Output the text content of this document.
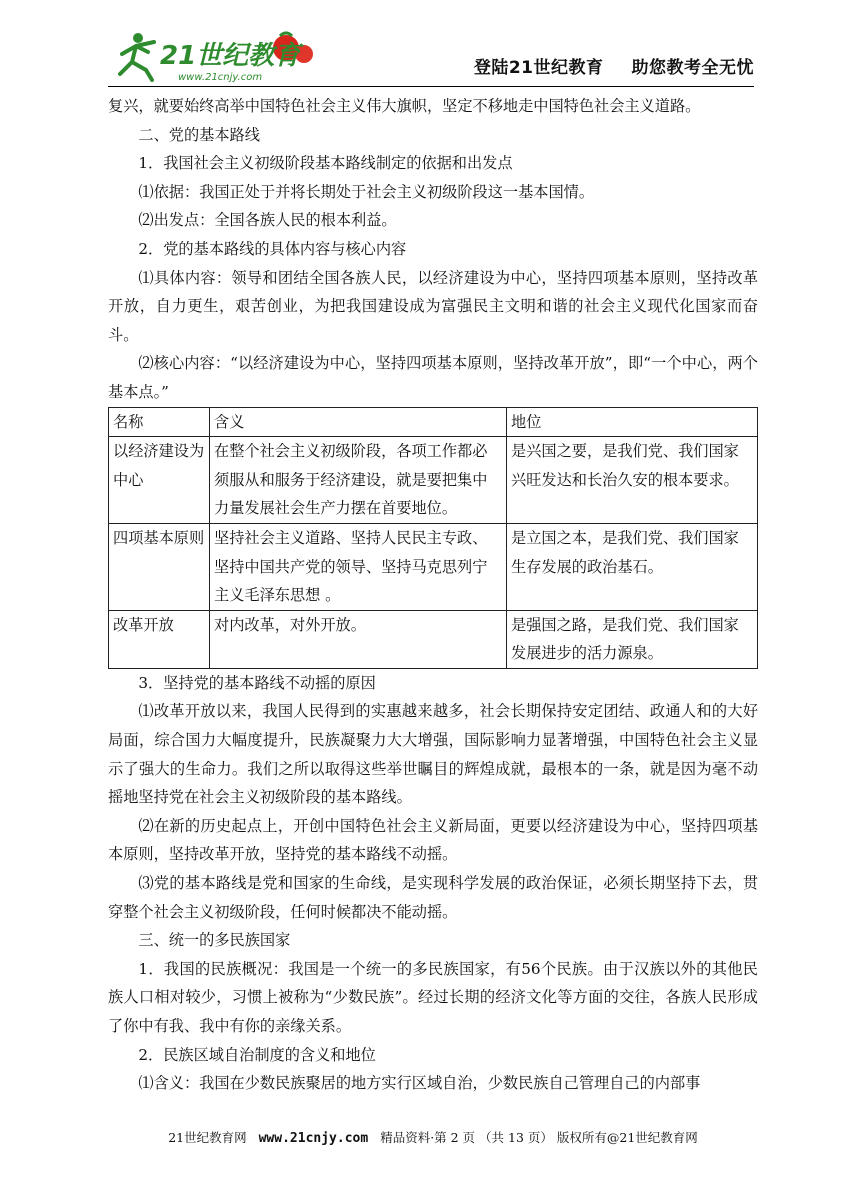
21世纪教育
www.21cnjy.com	登陆21世纪教育 助您教考全无忧

复兴，就要始终高举中国特色社会主义伟大旗帜，坚定不移地走中国特色社会主义道路。

二、党的基本路线

1．我国社会主义初级阶段基本路线制定的依据和出发点

⑴依据：我国正处于并将长期处于社会主义初级阶段这一基本国情。

⑵出发点：全国各族人民的根本利益。

2．党的基本路线的具体内容与核心内容

⑴具体内容：领导和团结全国各族人民，以经济建设为中心，坚持四项基本原则，坚持改革开放，自力更生，艰苦创业，为把我国建设成为富强民主文明和谐的社会主义现代化国家而奋斗。

⑵核心内容：“以经济建设为中心，坚持四项基本原则，坚持改革开放”，即“一个中心，两个基本点。”

名称	含义	地位
以经济建设为中心	在整个社会主义初级阶段，各项工作都必须服从和服务于经济建设，就是要把集中力量发展社会生产力摆在首要地位。	是兴国之要，是我们党、我们国家兴旺发达和长治久安的根本要求。
四项基本原则	坚持社会主义道路、坚持人民民主专政、坚持中国共产党的领导、坚持马克思列宁主义毛泽东思想 。	是立国之本，是我们党、我们国家生存发展的政治基石。
改革开放	对内改革，对外开放。	是强国之路，是我们党、我们国家发展进步的活力源泉。

3．坚持党的基本路线不动摇的原因

⑴改革开放以来，我国人民得到的实惠越来越多，社会长期保持安定团结、政通人和的大好局面，综合国力大幅度提升，民族凝聚力大大增强，国际影响力显著增强，中国特色社会主义显示了强大的生命力。我们之所以取得这些举世瞩目的辉煌成就，最根本的一条，就是因为毫不动摇地坚持党在社会主义初级阶段的基本路线。

⑵在新的历史起点上，开创中国特色社会主义新局面，更要以经济建设为中心，坚持四项基本原则，坚持改革开放，坚持党的基本路线不动摇。

⑶党的基本路线是党和国家的生命线，是实现科学发展的政治保证，必须长期坚持下去，贯穿整个社会主义初级阶段，任何时候都决不能动摇。

三、统一的多民族国家

1．我国的民族概况：我国是一个统一的多民族国家，有56个民族。由于汉族以外的其他民族人口相对较少，习惯上被称为“少数民族”。经过长期的经济文化等方面的交往，各族人民形成了你中有我、我中有你的亲缘关系。

2．民族区域自治制度的含义和地位

⑴含义：我国在少数民族聚居的地方实行区域自治，少数民族自己管理自己的内部事

21世纪教育网 www.21cnjy.com 精品资料·第 2 页 （共 13 页） 版权所有@21世纪教育网
